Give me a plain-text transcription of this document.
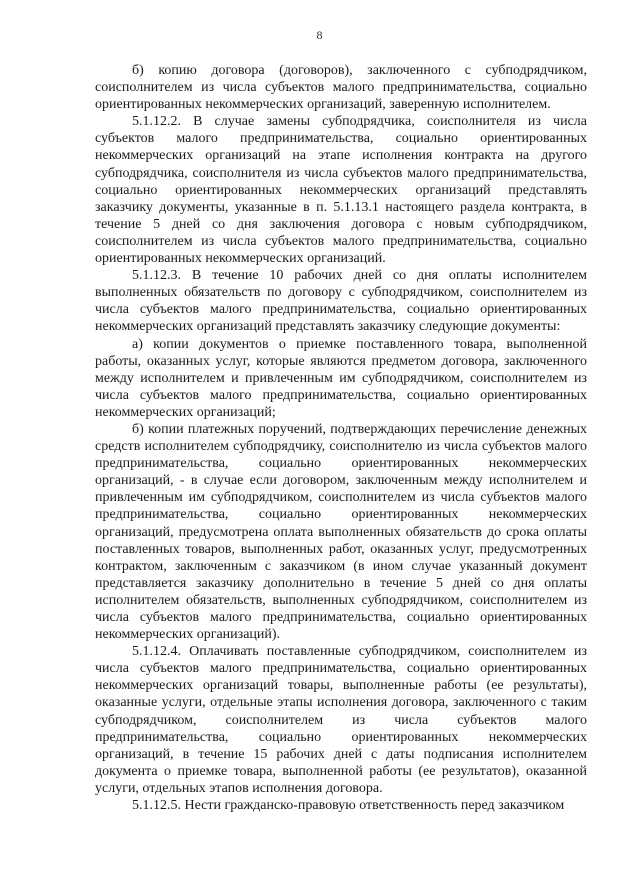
8

б) копию договора (договоров), заключенного с субподрядчиком, соисполнителем из числа субъектов малого предпринимательства, социально ориентированных некоммерческих организаций, заверенную исполнителем.

5.1.12.2. В случае замены субподрядчика, соисполнителя из числа субъектов малого предпринимательства, социально ориентированных некоммерческих организаций на этапе исполнения контракта на другого субподрядчика, соисполнителя из числа субъектов малого предпринимательства, социально ориентированных некоммерческих организаций представлять заказчику документы, указанные в п. 5.1.13.1 настоящего раздела контракта, в течение 5 дней со дня заключения договора с новым субподрядчиком, соисполнителем из числа субъектов малого предпринимательства, социально ориентированных некоммерческих организаций.

5.1.12.3. В течение 10 рабочих дней со дня оплаты исполнителем выполненных обязательств по договору с субподрядчиком, соисполнителем из числа субъектов малого предпринимательства, социально ориентированных некоммерческих организаций представлять заказчику следующие документы:

а) копии документов о приемке поставленного товара, выполненной работы, оказанных услуг, которые являются предметом договора, заключенного между исполнителем и привлеченным им субподрядчиком, соисполнителем из числа субъектов малого предпринимательства, социально ориентированных некоммерческих организаций;

б) копии платежных поручений, подтверждающих перечисление денежных средств исполнителем субподрядчику, соисполнителю из числа субъектов малого предпринимательства, социально ориентированных некоммерческих организаций, - в случае если договором, заключенным между исполнителем и привлеченным им субподрядчиком, соисполнителем из числа субъектов малого предпринимательства, социально ориентированных некоммерческих организаций, предусмотрена оплата выполненных обязательств до срока оплаты поставленных товаров, выполненных работ, оказанных услуг, предусмотренных контрактом, заключенным с заказчиком (в ином случае указанный документ представляется заказчику дополнительно в течение 5 дней со дня оплаты исполнителем обязательств, выполненных субподрядчиком, соисполнителем из числа субъектов малого предпринимательства, социально ориентированных некоммерческих организаций).

5.1.12.4. Оплачивать поставленные субподрядчиком, соисполнителем из числа субъектов малого предпринимательства, социально ориентированных некоммерческих организаций товары, выполненные работы (ее результаты), оказанные услуги, отдельные этапы исполнения договора, заключенного с таким субподрядчиком, соисполнителем из числа субъектов малого предпринимательства, социально ориентированных некоммерческих организаций, в течение 15 рабочих дней с даты подписания исполнителем документа о приемке товара, выполненной работы (ее результатов), оказанной услуги, отдельных этапов исполнения договора.

5.1.12.5. Нести гражданско-правовую ответственность перед заказчиком
